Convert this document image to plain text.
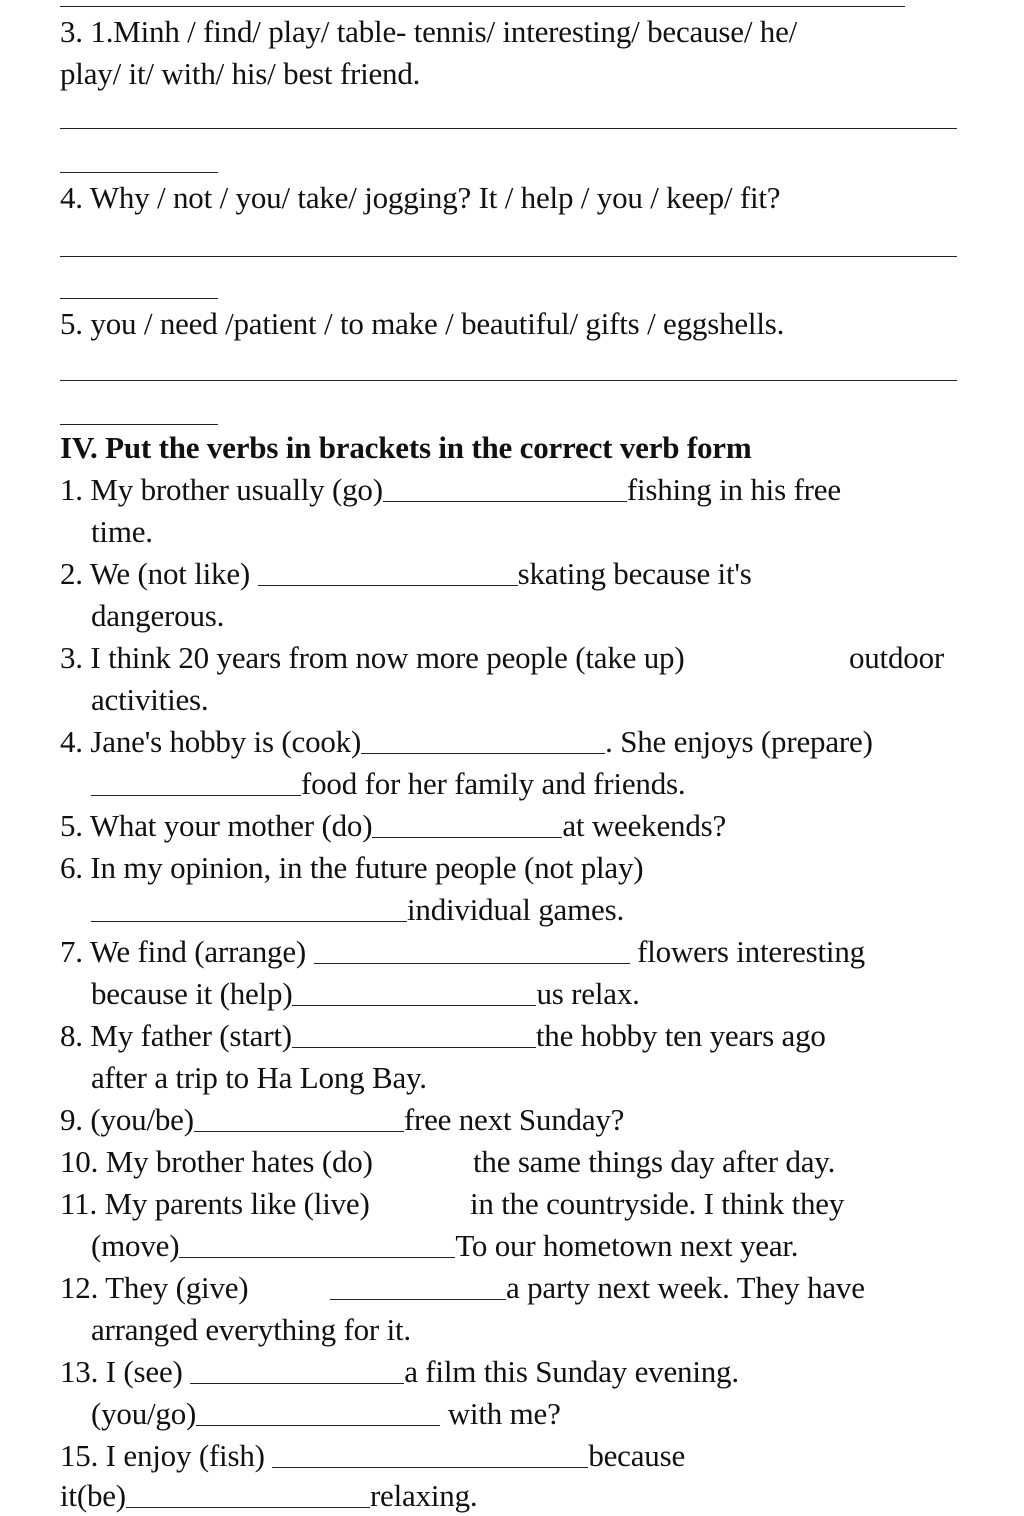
3. 1.Minh / find/ play/ table- tennis/ interesting/ because/ he/
play/ it/ with/ his/ best friend.
4. Why / not / you/ take/ jogging? It / help / you / keep/ fit?
5. you / need /patient / to make / beautiful/ gifts / eggshells.
IV. Put the verbs in brackets in the correct verb form
1. My brother usually (go)	fishing in his free
time.
2. We (not like)	skating because it's
dangerous.
3. I think 20 years from now more people (take up)	outdoor
activities.
4. Jane's hobby is (cook)	. She enjoys (prepare)
food for her family and friends.
5. What your mother (do)	at weekends?
6. In my opinion, in the future people (not play)
individual games.
7. We find (arrange)	flowers interesting
because it (help)	us relax.
8. My father (start)	the hobby ten years ago
after a trip to Ha Long Bay.
9. (you/be)	free next Sunday?
10. My brother hates (do)	the same things day after day.
11. My parents like (live)	in the countryside. I think they
(move)	To our hometown next year.
12. They (give)	a party next week. They have
arranged everything for it.
13. I (see)	a film this Sunday evening.
(you/go)	with me?
15. I enjoy (fish)	because
it(be)	relaxing.
